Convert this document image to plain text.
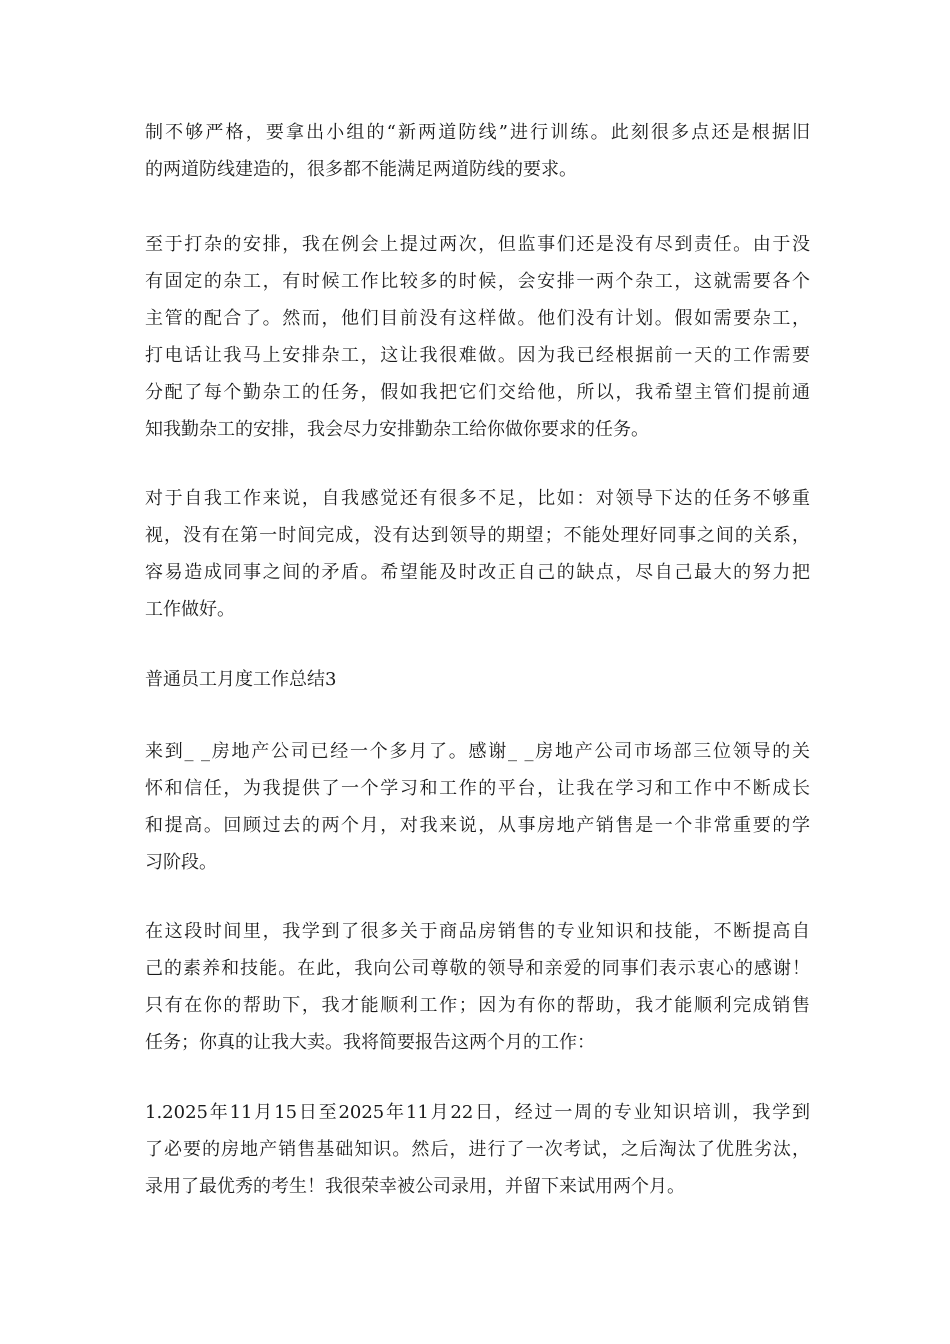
制不够严格，要拿出小组的“新两道防线”进行训练。此刻很多点还是根据旧
的两道防线建造的，很多都不能满足两道防线的要求。
至于打杂的安排，我在例会上提过两次，但监事们还是没有尽到责任。由于没
有固定的杂工，有时候工作比较多的时候，会安排一两个杂工，这就需要各个
主管的配合了。然而，他们目前没有这样做。他们没有计划。假如需要杂工，
打电话让我马上安排杂工，这让我很难做。因为我已经根据前一天的工作需要
分配了每个勤杂工的任务，假如我把它们交给他，所以，我希望主管们提前通
知我勤杂工的安排，我会尽力安排勤杂工给你做你要求的任务。
对于自我工作来说，自我感觉还有很多不足，比如：对领导下达的任务不够重
视，没有在第一时间完成，没有达到领导的期望；不能处理好同事之间的关系，
容易造成同事之间的矛盾。希望能及时改正自己的缺点，尽自己最大的努力把
工作做好。
普通员工月度工作总结3
来到_ _房地产公司已经一个多月了。感谢_ _房地产公司市场部三位领导的关
怀和信任，为我提供了一个学习和工作的平台，让我在学习和工作中不断成长
和提高。回顾过去的两个月，对我来说，从事房地产销售是一个非常重要的学
习阶段。
在这段时间里，我学到了很多关于商品房销售的专业知识和技能，不断提高自
己的素养和技能。在此，我向公司尊敬的领导和亲爱的同事们表示衷心的感谢！
只有在你的帮助下，我才能顺利工作；因为有你的帮助，我才能顺利完成销售
任务；你真的让我大卖。我将简要报告这两个月的工作：
1.2025年11月15日至2025年11月22日，经过一周的专业知识培训，我学到
了必要的房地产销售基础知识。然后，进行了一次考试，之后淘汰了优胜劣汰，
录用了最优秀的考生！我很荣幸被公司录用，并留下来试用两个月。
